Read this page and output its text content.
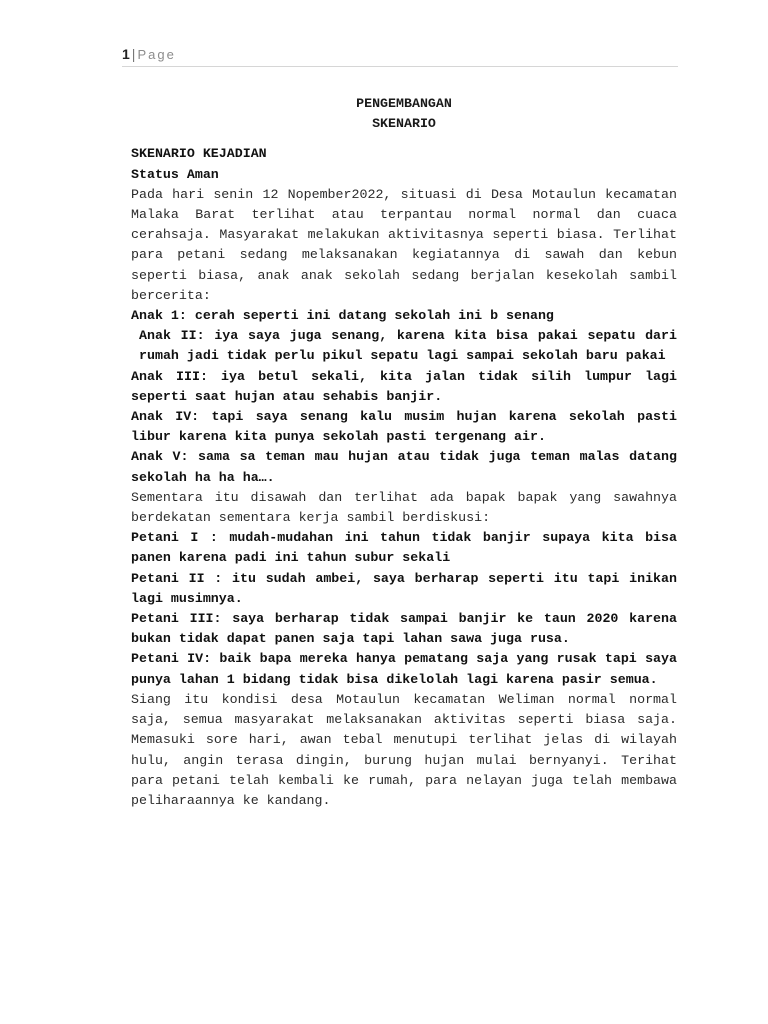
1 | Page
PENGEMBANGAN
SKENARIO
SKENARIO KEJADIAN
Status Aman
Pada hari senin 12 Nopember2022, situasi di Desa Motaulun kecamatan Malaka Barat terlihat atau terpantau normal normal dan cuaca cerahsaja. Masyarakat melakukan aktivitasnya seperti biasa. Terlihat para petani sedang melaksanakan kegiatannya di sawah dan kebun seperti biasa, anak anak sekolah sedang berjalan kesekolah sambil bercerita:
Anak 1: cerah seperti ini datang sekolah ini b senang
Anak II: iya saya juga senang, karena kita bisa pakai sepatu dari rumah jadi tidak perlu pikul sepatu lagi sampai sekolah baru pakai
Anak III: iya betul sekali, kita jalan tidak silih lumpur lagi seperti saat hujan atau sehabis banjir.
Anak IV: tapi saya senang kalu musim hujan karena sekolah pasti libur karena kita punya sekolah pasti tergenang air.
Anak V: sama sa teman mau hujan atau tidak juga teman malas datang sekolah ha ha ha….
Sementara itu disawah dan terlihat ada bapak bapak yang sawahnya berdekatan sementara kerja sambil berdiskusi:
Petani I : mudah-mudahan ini tahun tidak banjir supaya kita bisa panen karena padi ini tahun subur sekali
Petani II : itu sudah ambei, saya berharap seperti itu tapi inikan lagi musimnya.
Petani III: saya berharap tidak sampai banjir ke taun 2020 karena bukan tidak dapat panen saja tapi lahan sawa juga rusa.
Petani IV: baik bapa mereka hanya pematang saja yang rusak tapi saya punya lahan 1 bidang tidak bisa dikelolah lagi karena pasir semua.
Siang itu kondisi desa Motaulun kecamatan Weliman normal normal saja, semua masyarakat melaksanakan aktivitas seperti biasa saja. Memasuki sore hari, awan tebal menutupi terlihat jelas di wilayah hulu, angin terasa dingin, burung hujan mulai bernyanyi. Terihat para petani telah kembali ke rumah, para nelayan juga telah membawa peliharaannya ke kandang.
